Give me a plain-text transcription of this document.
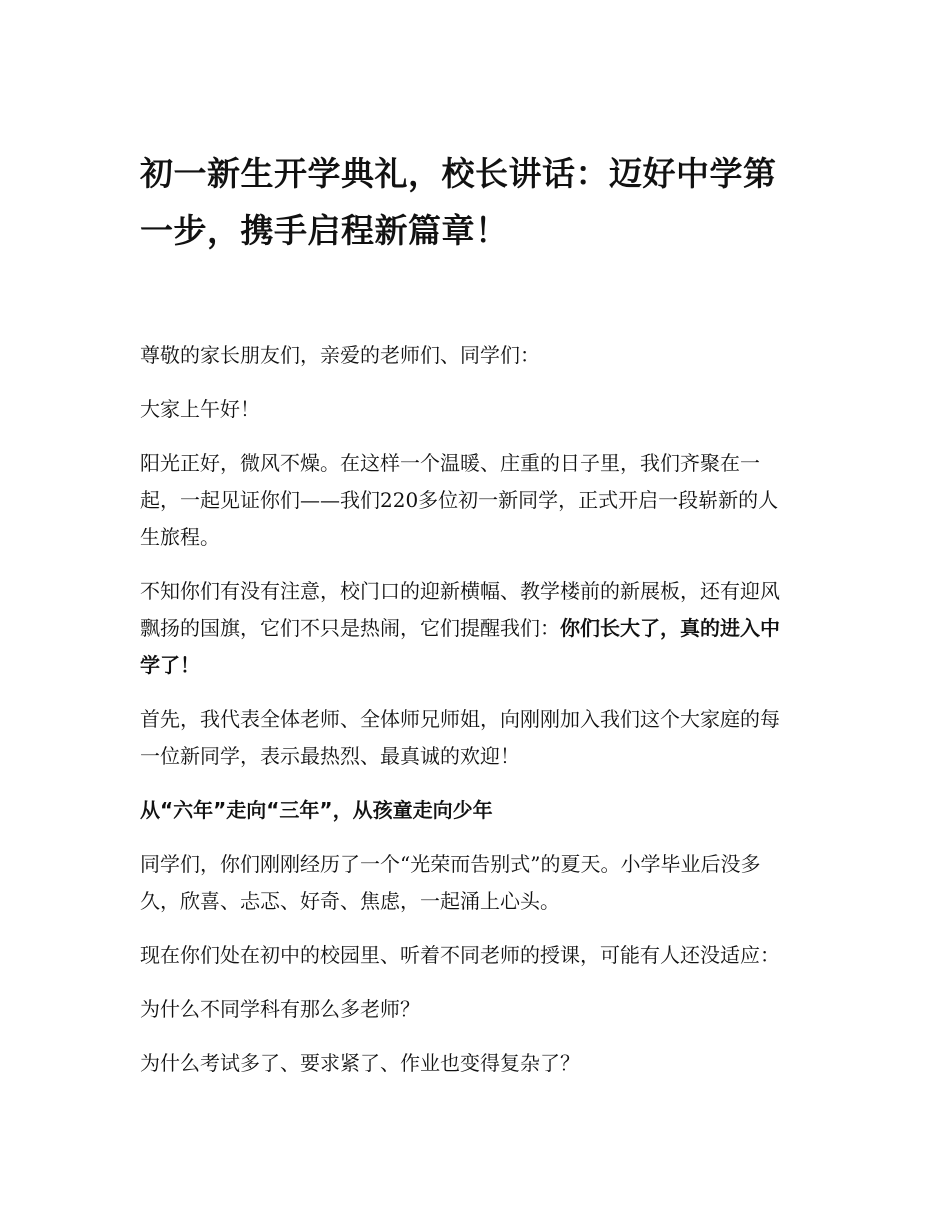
初一新生开学典礼，校长讲话：迈好中学第一步，携手启程新篇章！

尊敬的家长朋友们，亲爱的老师们、同学们：

大家上午好！

阳光正好，微风不燥。在这样一个温暖、庄重的日子里，我们齐聚在一起，一起见证你们——我们220多位初一新同学，正式开启一段崭新的人生旅程。

不知你们有没有注意，校门口的迎新横幅、教学楼前的新展板，还有迎风飘扬的国旗，它们不只是热闹，它们提醒我们：你们长大了，真的进入中学了！

首先，我代表全体老师、全体师兄师姐，向刚刚加入我们这个大家庭的每一位新同学，表示最热烈、最真诚的欢迎！

从“六年”走向“三年”，从孩童走向少年

同学们，你们刚刚经历了一个“光荣而告别式”的夏天。小学毕业后没多久，欣喜、忐忑、好奇、焦虑，一起涌上心头。

现在你们处在初中的校园里、听着不同老师的授课，可能有人还没适应：

为什么不同学科有那么多老师？

为什么考试多了、要求紧了、作业也变得复杂了？
